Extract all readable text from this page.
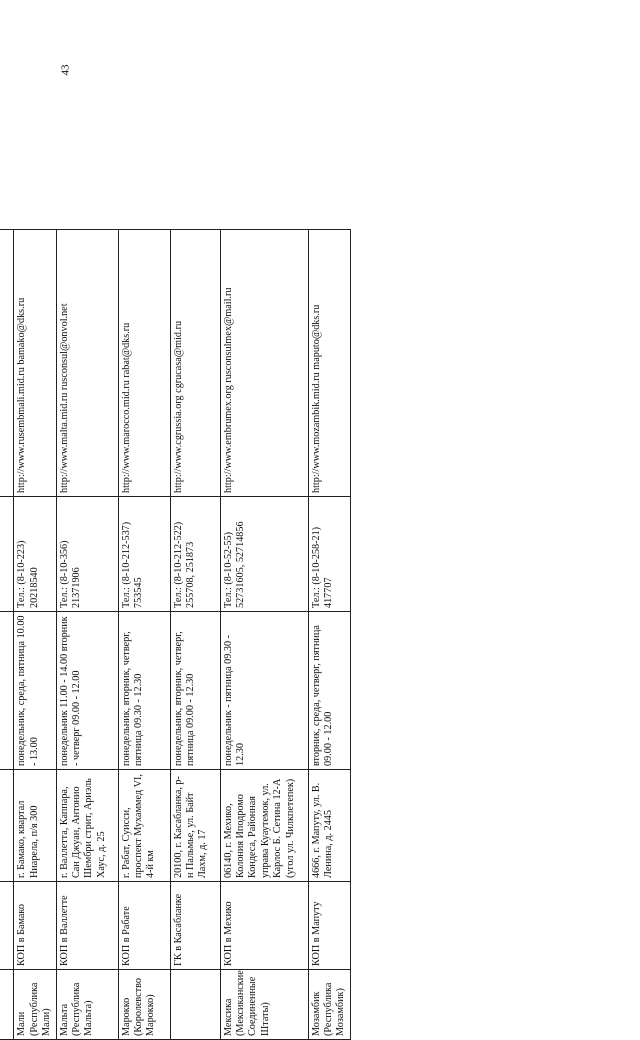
43

Мали (Республика Мали)	КОП в Бамако	г. Бамако, квартал Ниарела, п/я 300	понедельник, среда, пятница 10.00 - 13.00	Тел.: (8-10-223) 20218540	http://www.rusembmali.mid.ru bamako@dks.ru
Мальта (Республика Мальта)	КОП в Валлетте	г. Валлетта, Каппара, Сан Джуан, Антонио Шембри стрит, Ариэль Хаус, д. 25	понедельник 11.00 - 14.00 вторник - четверг 09.00 - 12.00	Тел.: (8-10-356) 21371906	http://www.malta.mid.ru rusconsul@onvol.net
Марокко (Королевство Марокко)	КОП в Рабате	г. Рабат, Суисси, проспект Мухаммед VI, 4-й км	понедельник, вторник, четверг, пятница 09.30 - 12.30	Тел.: (8-10-212-537) 753545	http://www.marocco.mid.ru rabat@dks.ru
	ГК в Касабланке	20100, г. Касабланка, р-н Пальмье, ул. Байт Лахм, д. 17	понедельник, вторник, четверг, пятница 09.00 - 12.30	Тел.: (8-10-212-522) 255708, 251873	http://www.cgrussia.org cgrucasa@mid.ru
Мексика (Мексиканские Соединенные Штаты)	КОП в Мехико	06140, г. Мехико, Колония Иподромо Кондеса, Районная управа Куаутемок, ул. Карлос Б. Сетина 12-А (угол ул. Чилкпетепек)	понедельник - пятница 09.30 - 12.30	Тел.: (8-10-52-55) 52731605, 52714856	http://www.embrumex.org rusconsulmex@mail.ru
Мозамбик (Республика Мозамбик)	КОП в Мапуту	4666, г. Мапуту, ул. В. Ленина, д. 2445	вторник, среда, четверг, пятница 09.00 - 12.00	Тел.: (8-10-258-21) 417707	http://www.mozambik.mid.ru maputo@dks.ru
